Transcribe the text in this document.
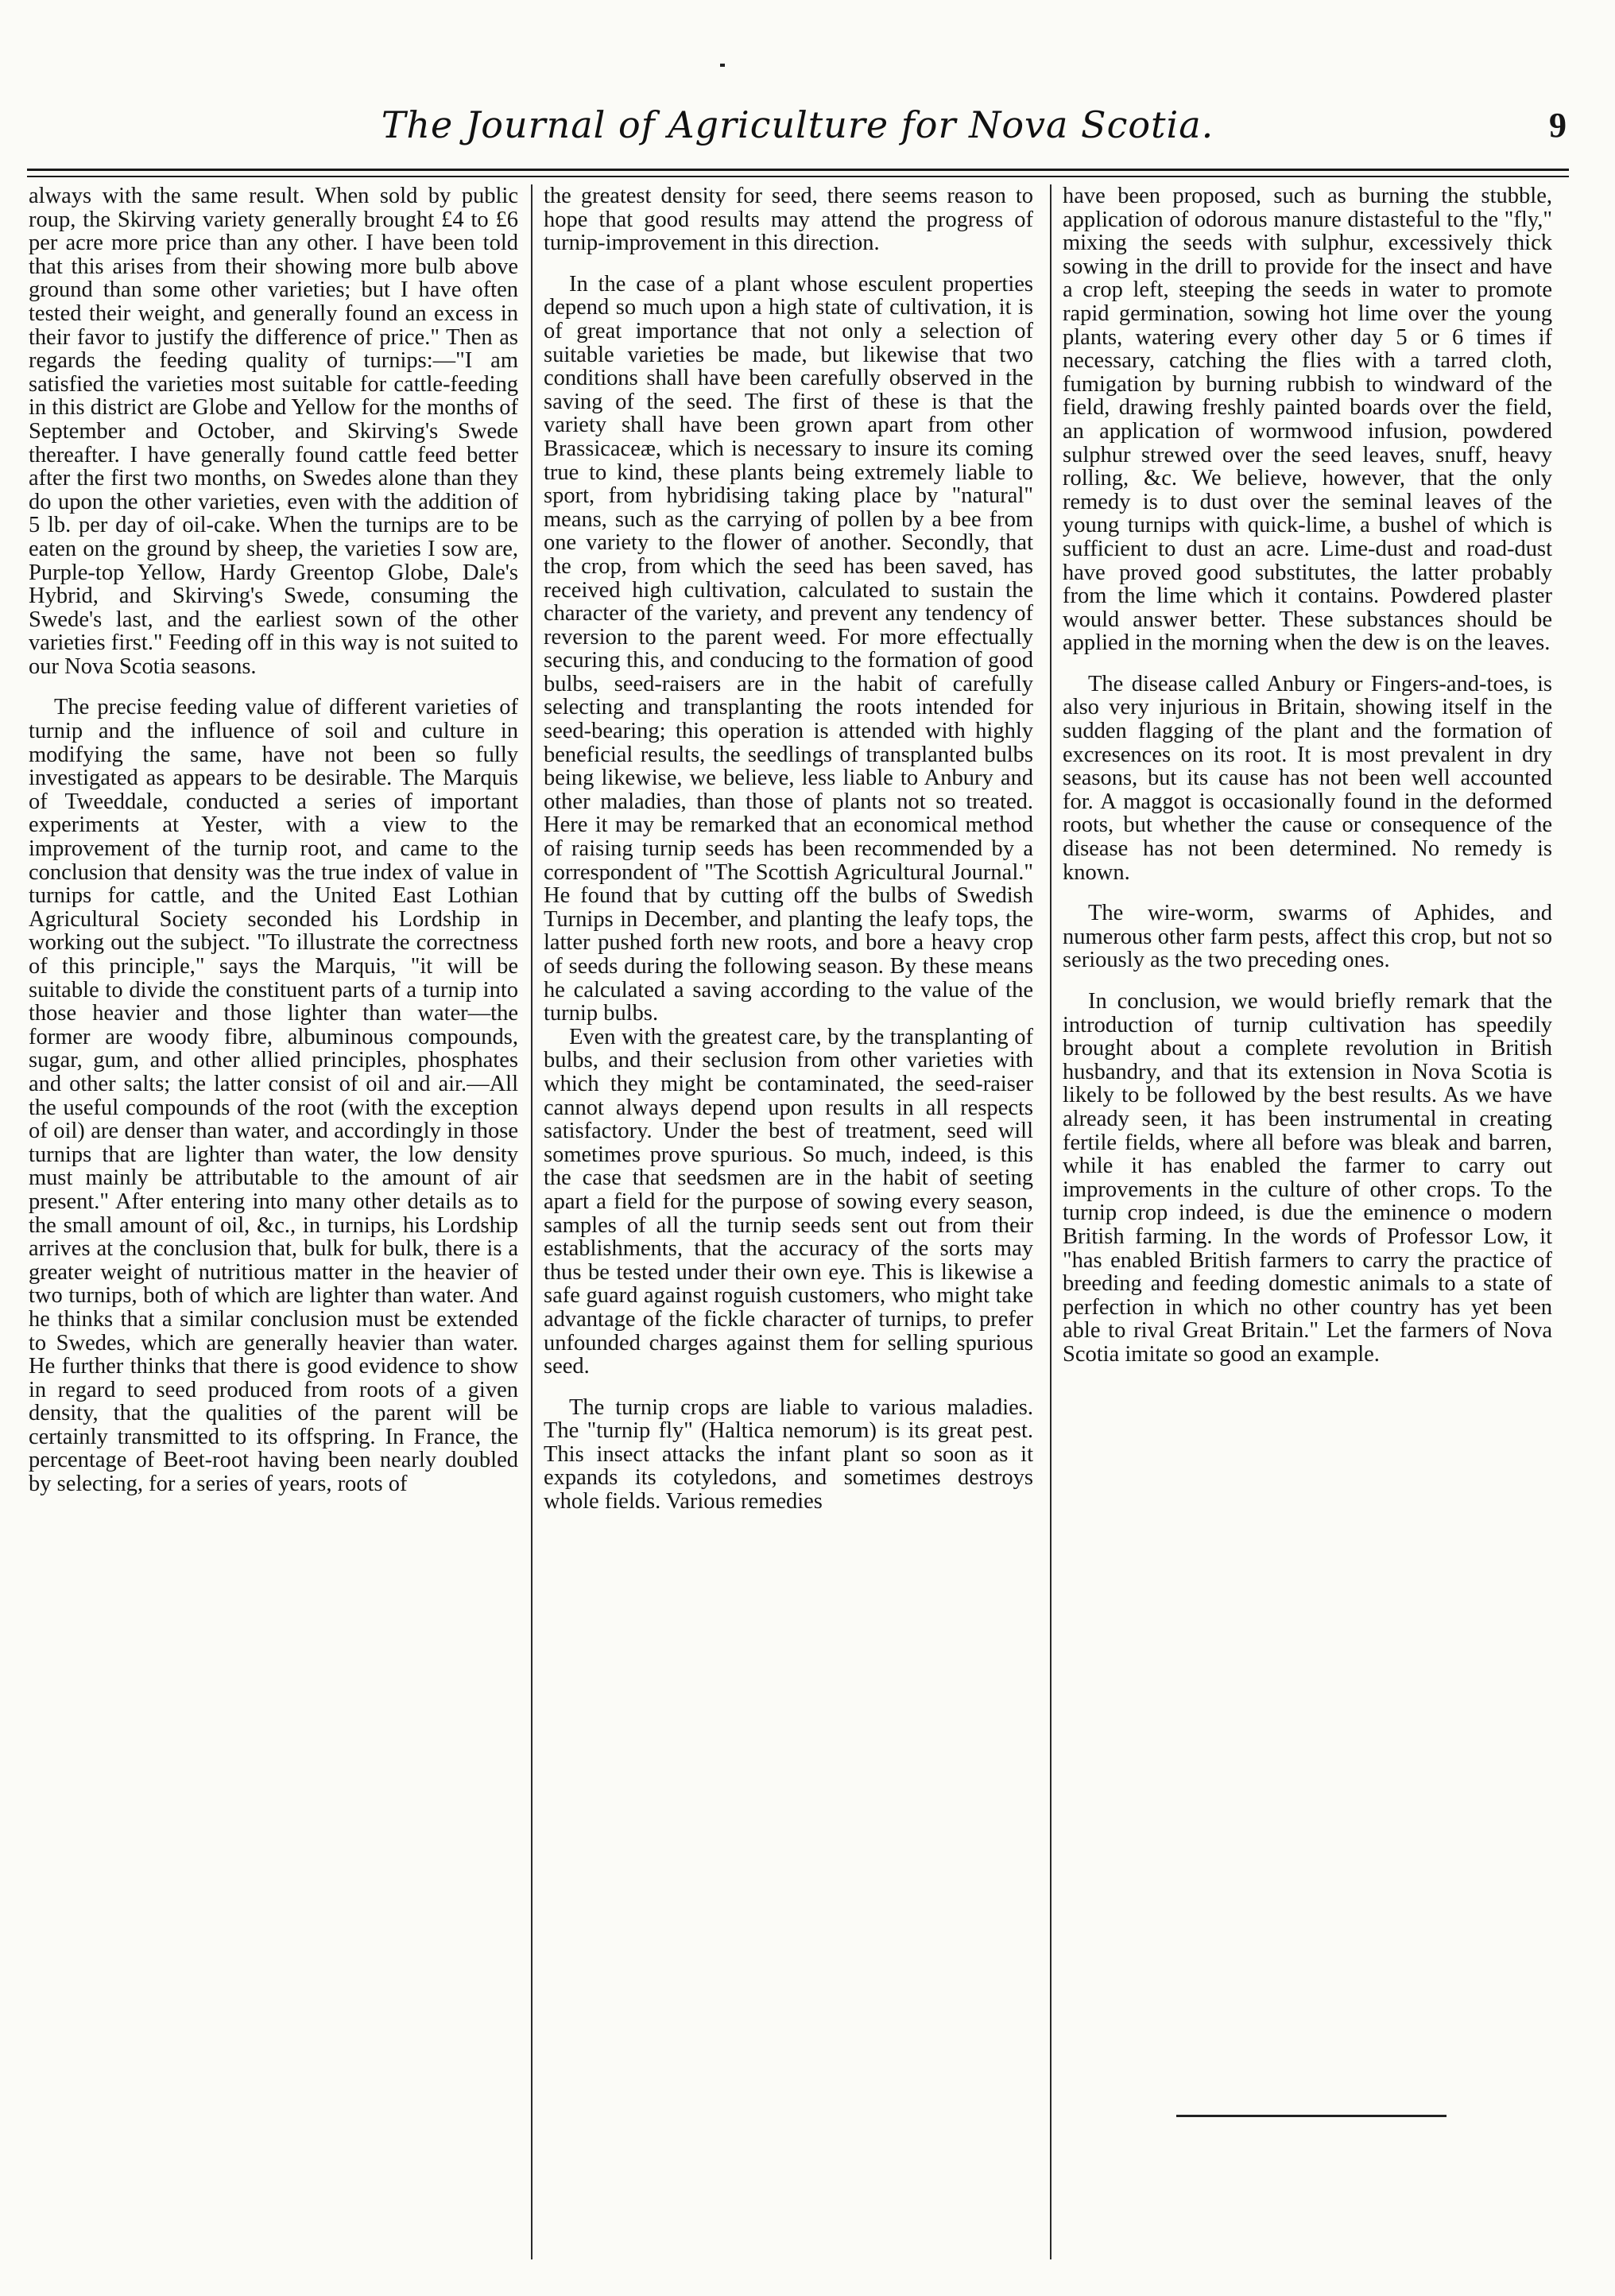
The Journal of Agriculture for Nova Scotia.	9

always with the same result. When sold by public roup, the Skirving variety generally brought £4 to £6 per acre more price than any other. I have been told that this arises from their showing more bulb above ground than some other varieties; but I have often tested their weight, and generally found an excess in their favor to justify the difference of price." Then as regards the feeding quality of turnips:—"I am satisfied the varieties most suitable for cattle-feeding in this district are Globe and Yellow for the months of September and October, and Skirving's Swede thereafter. I have generally found cattle feed better after the first two months, on Swedes alone than they do upon the other varieties, even with the addition of 5 lb. per day of oil-cake. When the turnips are to be eaten on the ground by sheep, the varieties I sow are, Purple-top Yellow, Hardy Greentop Globe, Dale's Hybrid, and Skirving's Swede, consuming the Swede's last, and the earliest sown of the other varieties first." Feeding off in this way is not suited to our Nova Scotia seasons.

The precise feeding value of different varieties of turnip and the influence of soil and culture in modifying the same, have not been so fully investigated as appears to be desirable. The Marquis of Tweeddale, conducted a series of important experiments at Yester, with a view to the improvement of the turnip root, and came to the conclusion that density was the true index of value in turnips for cattle, and the United East Lothian Agricultural Society seconded his Lordship in working out the subject. "To illustrate the correctness of this principle," says the Marquis, "it will be suitable to divide the constituent parts of a turnip into those heavier and those lighter than water—the former are woody fibre, albuminous compounds, sugar, gum, and other allied principles, phosphates and other salts; the latter consist of oil and air.—All the useful compounds of the root (with the exception of oil) are denser than water, and accordingly in those turnips that are lighter than water, the low density must mainly be attributable to the amount of air present." After entering into many other details as to the small amount of oil, &c., in turnips, his Lordship arrives at the conclusion that, bulk for bulk, there is a greater weight of nutritious matter in the heavier of two turnips, both of which are lighter than water. And he thinks that a similar conclusion must be extended to Swedes, which are generally heavier than water. He further thinks that there is good evidence to show in regard to seed produced from roots of a given density, that the qualities of the parent will be certainly transmitted to its offspring. In France, the percentage of Beet-root having been nearly doubled by selecting, for a series of years, roots of

the greatest density for seed, there seems reason to hope that good results may attend the progress of turnip-improvement in this direction.

In the case of a plant whose esculent properties depend so much upon a high state of cultivation, it is of great importance that not only a selection of suitable varieties be made, but likewise that two conditions shall have been carefully observed in the saving of the seed. The first of these is that the variety shall have been grown apart from other Brassicaceæ, which is necessary to insure its coming true to kind, these plants being extremely liable to sport, from hybridising taking place by "natural" means, such as the carrying of pollen by a bee from one variety to the flower of another. Secondly, that the crop, from which the seed has been saved, has received high cultivation, calculated to sustain the character of the variety, and prevent any tendency of reversion to the parent weed. For more effectually securing this, and conducing to the formation of good bulbs, seed-raisers are in the habit of carefully selecting and transplanting the roots intended for seed-bearing; this operation is attended with highly beneficial results, the seedlings of transplanted bulbs being likewise, we believe, less liable to Anbury and other maladies, than those of plants not so treated. Here it may be remarked that an economical method of raising turnip seeds has been recommended by a correspondent of "The Scottish Agricultural Journal." He found that by cutting off the bulbs of Swedish Turnips in December, and planting the leafy tops, the latter pushed forth new roots, and bore a heavy crop of seeds during the following season. By these means he calculated a saving according to the value of the turnip bulbs.

Even with the greatest care, by the transplanting of bulbs, and their seclusion from other varieties with which they might be contaminated, the seed-raiser cannot always depend upon results in all respects satisfactory. Under the best of treatment, seed will sometimes prove spurious. So much, indeed, is this the case that seedsmen are in the habit of seeting apart a field for the purpose of sowing every season, samples of all the turnip seeds sent out from their establishments, that the accuracy of the sorts may thus be tested under their own eye. This is likewise a safe guard against roguish customers, who might take advantage of the fickle character of turnips, to prefer unfounded charges against them for selling spurious seed.

The turnip crops are liable to various maladies. The "turnip fly" (Haltica nemorum) is its great pest. This insect attacks the infant plant so soon as it expands its cotyledons, and sometimes destroys whole fields. Various remedies

have been proposed, such as burning the stubble, application of odorous manure distasteful to the "fly," mixing the seeds with sulphur, excessively thick sowing in the drill to provide for the insect and have a crop left, steeping the seeds in water to promote rapid germination, sowing hot lime over the young plants, watering every other day 5 or 6 times if necessary, catching the flies with a tarred cloth, fumigation by burning rubbish to windward of the field, drawing freshly painted boards over the field, an application of wormwood infusion, powdered sulphur strewed over the seed leaves, snuff, heavy rolling, &c. We believe, however, that the only remedy is to dust over the seminal leaves of the young turnips with quick-lime, a bushel of which is sufficient to dust an acre. Lime-dust and road-dust have proved good substitutes, the latter probably from the lime which it contains. Powdered plaster would answer better. These substances should be applied in the morning when the dew is on the leaves.

The disease called Anbury or Fingers-and-toes, is also very injurious in Britain, showing itself in the sudden flagging of the plant and the formation of excresences on its root. It is most prevalent in dry seasons, but its cause has not been well accounted for. A maggot is occasionally found in the deformed roots, but whether the cause or consequence of the disease has not been determined. No remedy is known.

The wire-worm, swarms of Aphides, and numerous other farm pests, affect this crop, but not so seriously as the two preceding ones.

In conclusion, we would briefly remark that the introduction of turnip cultivation has speedily brought about a complete revolution in British husbandry, and that its extension in Nova Scotia is likely to be followed by the best results. As we have already seen, it has been instrumental in creating fertile fields, where all before was bleak and barren, while it has enabled the farmer to carry out improvements in the culture of other crops. To the turnip crop indeed, is due the eminence o modern British farming. In the words of Professor Low, it "has enabled British farmers to carry the practice of breeding and feeding domestic animals to a state of perfection in which no other country has yet been able to rival Great Britain." Let the farmers of Nova Scotia imitate so good an example.
